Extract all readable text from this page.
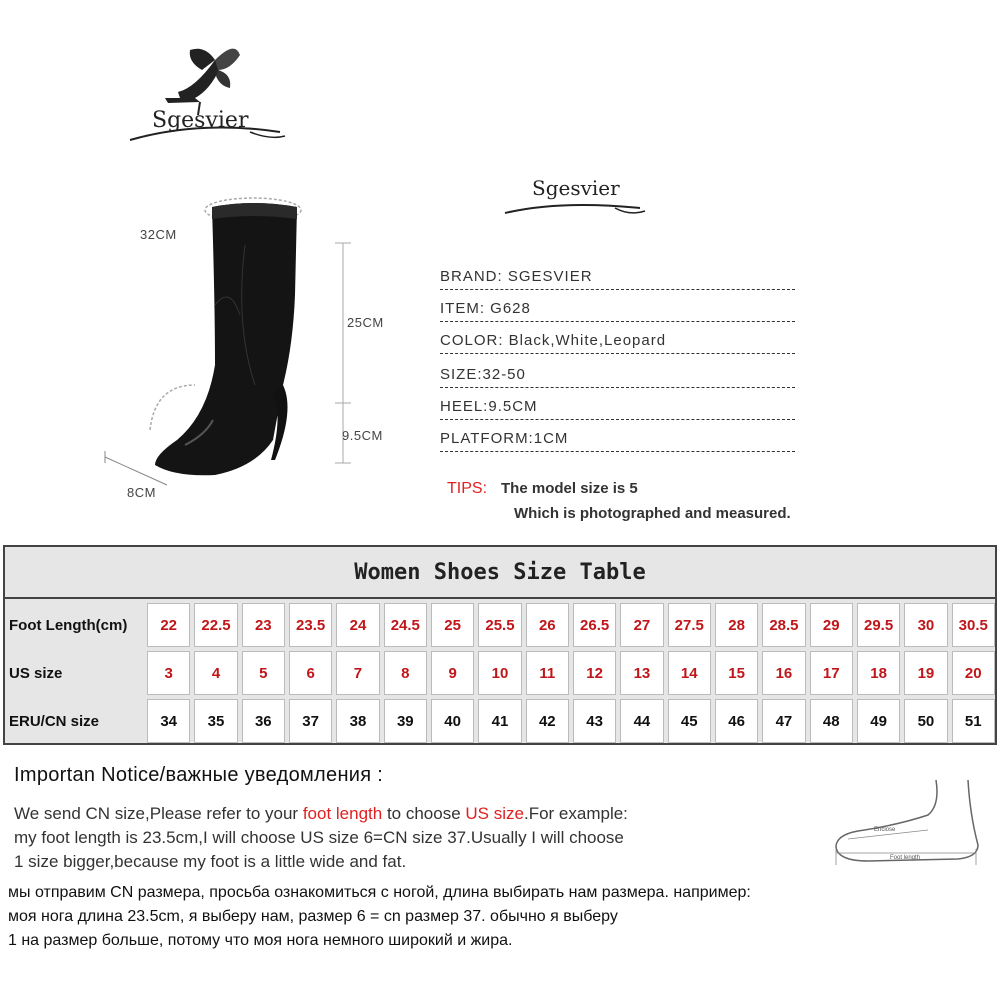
Sgesvier
Sgesvier
32CM
25CM
9.5CM
8CM
BRAND: SGESVIER
ITEM: G628
COLOR: Black,White,Leopard
SIZE:32-50
HEEL:9.5CM
PLATFORM:1CM
TIPS: The model size is 5
Which is photographed and measured.
Women Shoes Size Table
Foot Length(cm)	22	22.5	23	23.5	24	24.5	25	25.5	26	26.5	27	27.5	28	28.5	29	29.5	30	30.5
US size	3	4	5	6	7	8	9	10	11	12	13	14	15	16	17	18	19	20
ERU/CN size	34	35	36	37	38	39	40	41	42	43	44	45	46	47	48	49	50	51
Importan Notice/важные уведомления :
We send CN size,Please refer to your foot length to choose US size.For example:
my foot length is 23.5cm,I will choose US size 6=CN size 37.Usually I will choose
1 size bigger,because my foot is a little wide and fat.
мы отправим CN размера, просьба ознакомиться с ногой, длина выбирать нам размера. например:
моя нога длина 23.5cm, я выберу нам, размер 6 = cn размер 37. обычно я выберу
1 на размер больше, потому что моя нога немного широкий и жира.
Enclose
Foot length
